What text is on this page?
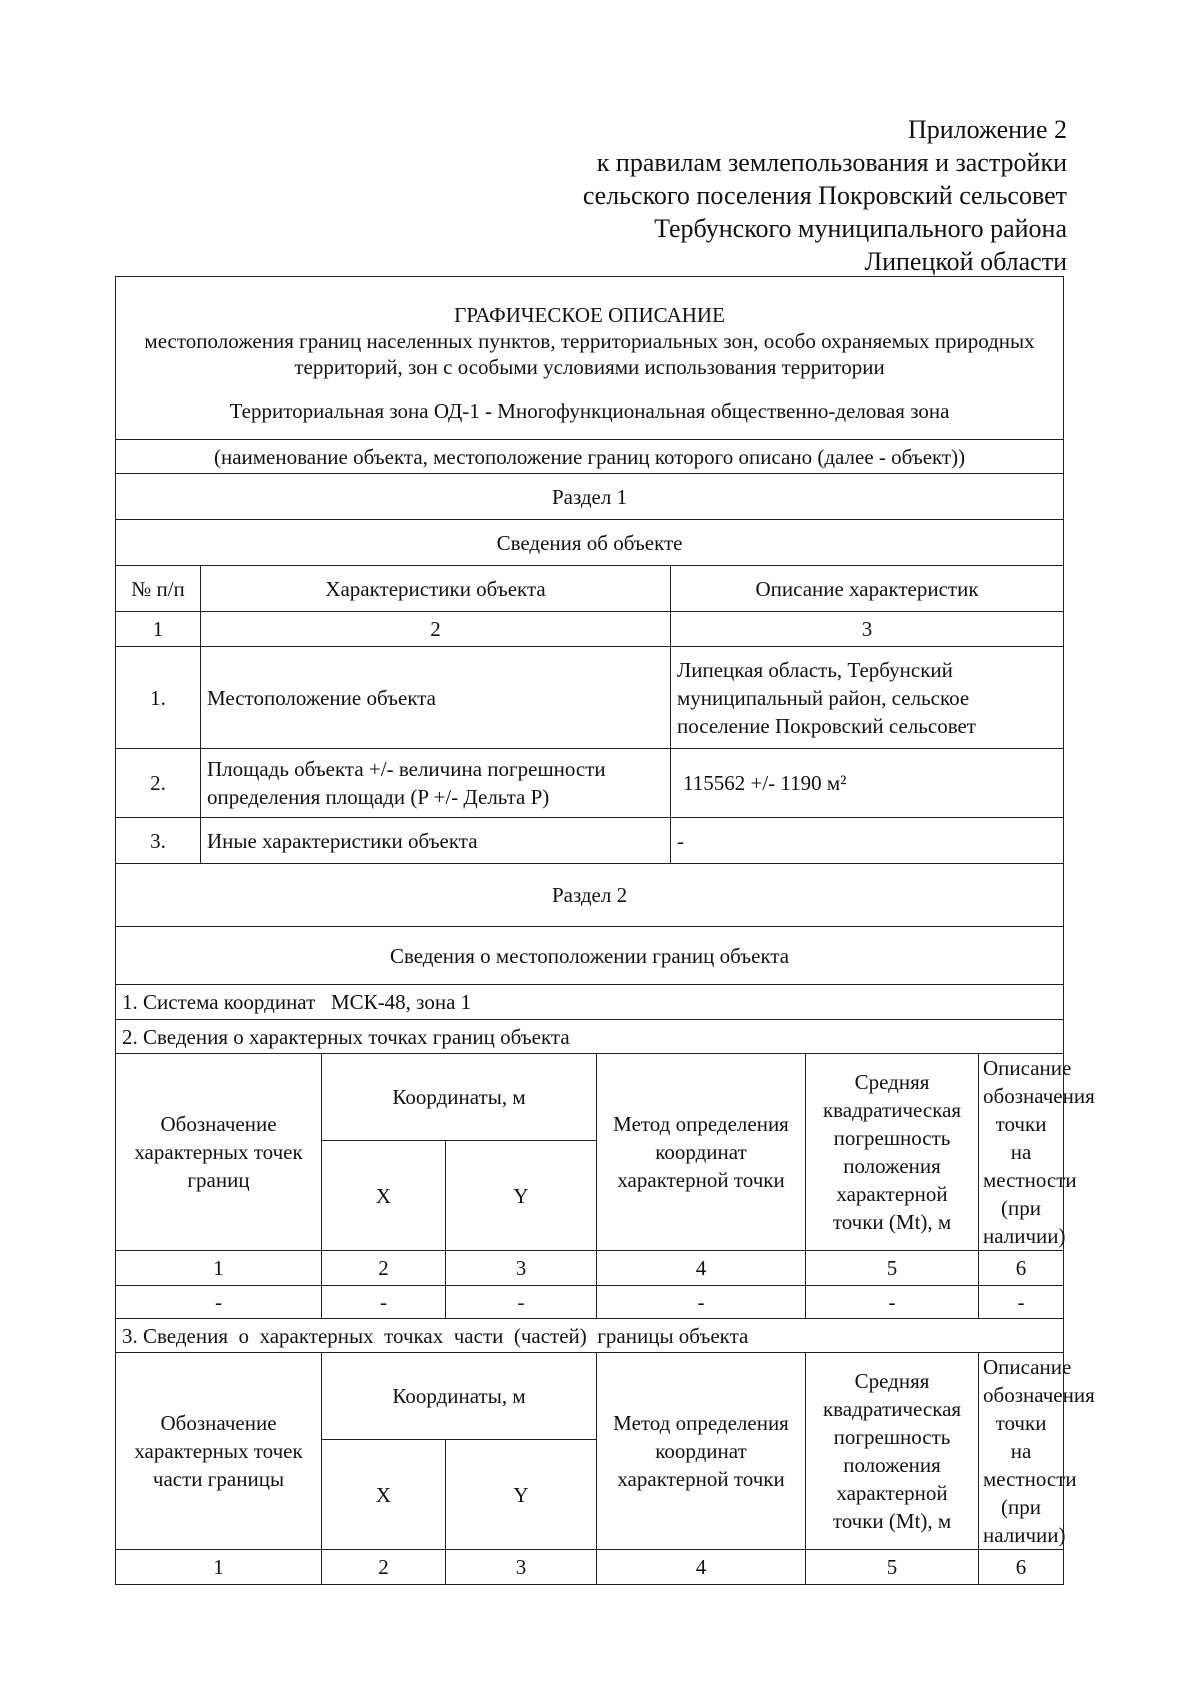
Приложение 2
к правилам землепользования и застройки
сельского поселения Покровский сельсовет
Тербунского муниципального района
Липецкой области
ГРАФИЧЕСКОЕ ОПИСАНИЕ
местоположения границ населенных пунктов, территориальных зон, особо охраняемых природных территорий, зон с особыми условиями использования территории
Территориальная зона ОД-1 - Многофункциональная общественно-деловая зона		

(наименование объекта, местоположение границ которого описано (далее - объект))		
Раздел 1		
Сведения об объекте		
№ п/п	Характеристики объекта	Описание характеристик
1	2	3
1.	Местоположение объекта	Липецкая область, Тербунский муниципальный район, сельское поселение Покровский сельсовет
2.	Площадь объекта +/- величина погрешности определения площади (P +/- Дельта P)	115562 +/- 1190 м²
3.	Иные характеристики объекта	-
Раздел 2		
Сведения о местоположении границ объекта		
1. Система координат   МСК-48, зона 1		
2. Сведения о характерных точках границ объекта		
Обозначение характерных точек границ	Координаты, м		Метод определения координат характерной точки	Средняя квадратическая погрешность положения характерной точки (Mt), м	Описание обозначения точки на местности (при наличии)
	X	Y			
1	2	3	4	5	6
-	-	-	-	-	-
3. Сведения  о  характерных  точках  части  (частей)  границы объекта					
Обозначение характерных точек части границы	Координаты, м		Метод определения координат характерной точки	Средняя квадратическая погрешность положения характерной точки (Mt), м	Описание обозначения точки на местности (при наличии)
	X	Y			
1	2	3	4	5	6
